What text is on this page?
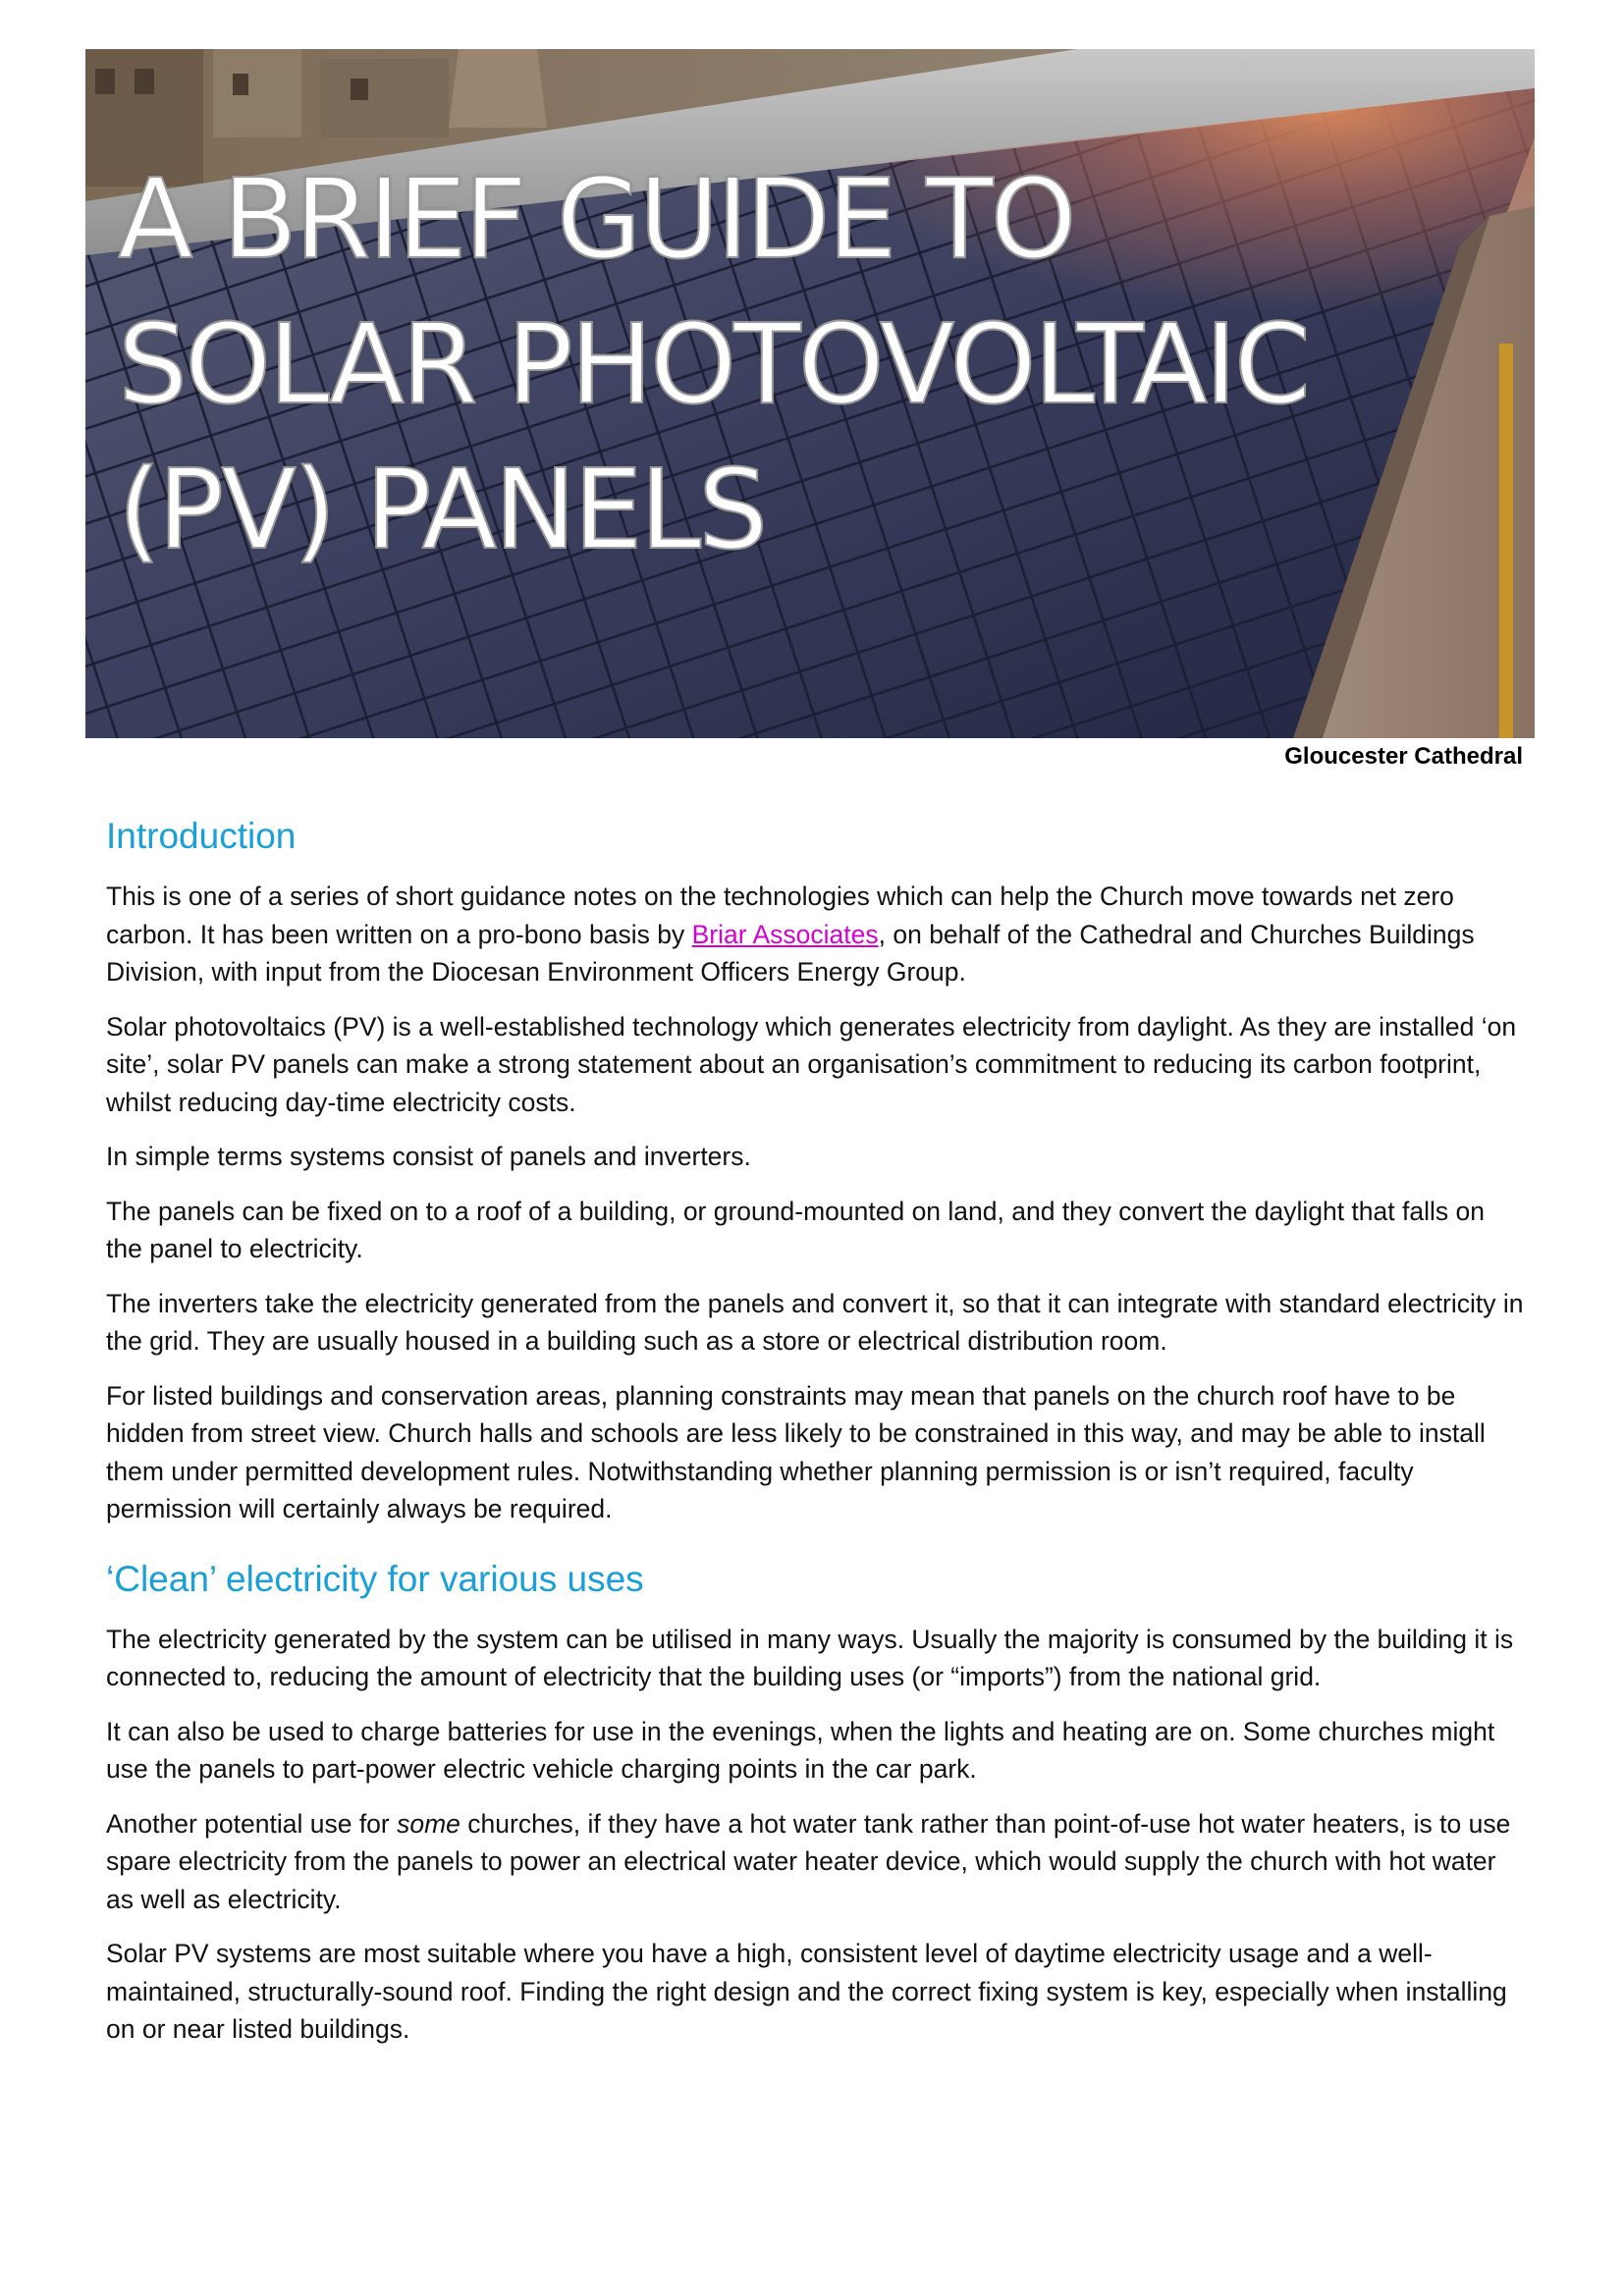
A BRIEF GUIDE TO
SOLAR PHOTOVOLTAIC
(PV) PANELS
Gloucester Cathedral
Introduction

This is one of a series of short guidance notes on the technologies which can help the Church move towards net zero carbon. It has been written on a pro-bono basis by Briar Associates, on behalf of the Cathedral and Churches Buildings Division, with input from the Diocesan Environment Officers Energy Group.

Solar photovoltaics (PV) is a well-established technology which generates electricity from daylight. As they are installed ‘on site’, solar PV panels can make a strong statement about an organisation’s commitment to reducing its carbon footprint, whilst reducing day-time electricity costs.

In simple terms systems consist of panels and inverters.

The panels can be fixed on to a roof of a building, or ground-mounted on land, and they convert the daylight that falls on the panel to electricity.

The inverters take the electricity generated from the panels and convert it, so that it can integrate with standard electricity in the grid. They are usually housed in a building such as a store or electrical distribution room.

For listed buildings and conservation areas, planning constraints may mean that panels on the church roof have to be hidden from street view. Church halls and schools are less likely to be constrained in this way, and may be able to install them under permitted development rules. Notwithstanding whether planning permission is or isn’t required, faculty permission will certainly always be required.

‘Clean’ electricity for various uses

The electricity generated by the system can be utilised in many ways. Usually the majority is consumed by the building it is connected to, reducing the amount of electricity that the building uses (or “imports”) from the national grid.

It can also be used to charge batteries for use in the evenings, when the lights and heating are on. Some churches might use the panels to part-power electric vehicle charging points in the car park.

Another potential use for some churches, if they have a hot water tank rather than point-of-use hot water heaters, is to use spare electricity from the panels to power an electrical water heater device, which would supply the church with hot water as well as electricity.

Solar PV systems are most suitable where you have a high, consistent level of daytime electricity usage and a well-maintained, structurally-sound roof. Finding the right design and the correct fixing system is key, especially when installing on or near listed buildings.
